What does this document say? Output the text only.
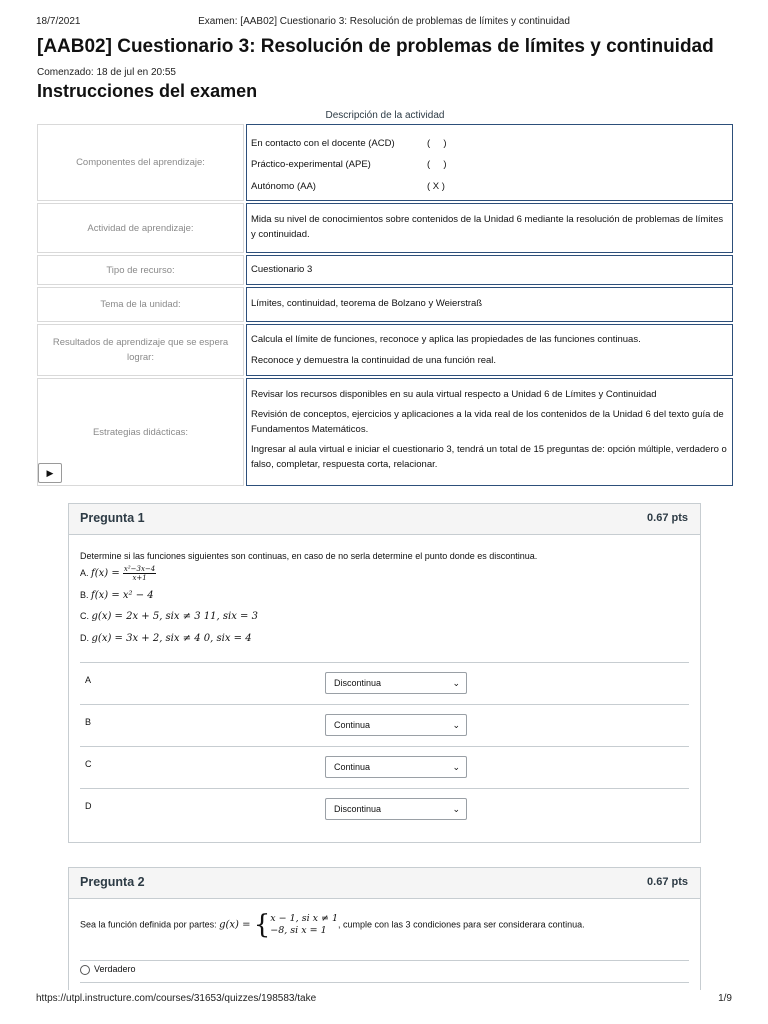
18/7/2021	Examen: [AAB02] Cuestionario 3: Resolución de problemas de límites y continuidad
[AAB02] Cuestionario 3: Resolución de problemas de límites y continuidad
Comenzado: 18 de jul en 20:55
Instrucciones del examen
Descripción de la actividad
Componentes del aprendizaje:
En contacto con el docente (ACD)	(     )
Práctico-experimental (APE)	(     )
Autónomo (AA)	( X )
Actividad de aprendizaje:
Mida su nivel de conocimientos sobre contenidos de la Unidad 6 mediante la resolución de problemas de límites y continuidad.
Tipo de recurso:	Cuestionario 3
Tema de la unidad:	Límites, continuidad, teorema de Bolzano y Weierstraß
Resultados de aprendizaje que se espera lograr:

Calcula el límite de funciones, reconoce y aplica las propiedades de las funciones continuas.

Reconoce y demuestra la continuidad de una función real.

Estrategias didácticas:

Revisar los recursos disponibles en su aula virtual respecto a Unidad 6 de Límites y Continuidad

Revisión de conceptos, ejercicios y aplicaciones a la vida real de los contenidos de la Unidad 6 del texto guía de Fundamentos Matemáticos.

Ingresar al aula virtual e iniciar el cuestionario 3, tendrá un total de 15 preguntas de: opción múltiple, verdadero o falso, completar, respuesta corta, relacionar.

▶
Pregunta 1	0.67 pts
Determine si las funciones siguientes son continuas, en caso de no serla determine el punto donde es discontinua.
A. $f(x) = \frac{\text{x²−3x−4}}{x+1}$
B. f(x) = x² − 4
C. g(x) = 2x + 5, six ≠ 3 11, six = 3
D. g(x) = 3x + 2, six ≠ 4 0, six = 4
A	Discontinua	⌄
B	Continua	⌄
C	Continua	⌄
D	Discontinua	⌄
Pregunta 2	0.67 pts
Sea la función definida por partes: g(x) = { x − 1, si x ≠ 1
−8, si x = 1
, cumple con las 3 condiciones para ser considerara continua.
Verdadero
https://utpl.instructure.com/courses/31653/quizzes/198583/take	1/9
